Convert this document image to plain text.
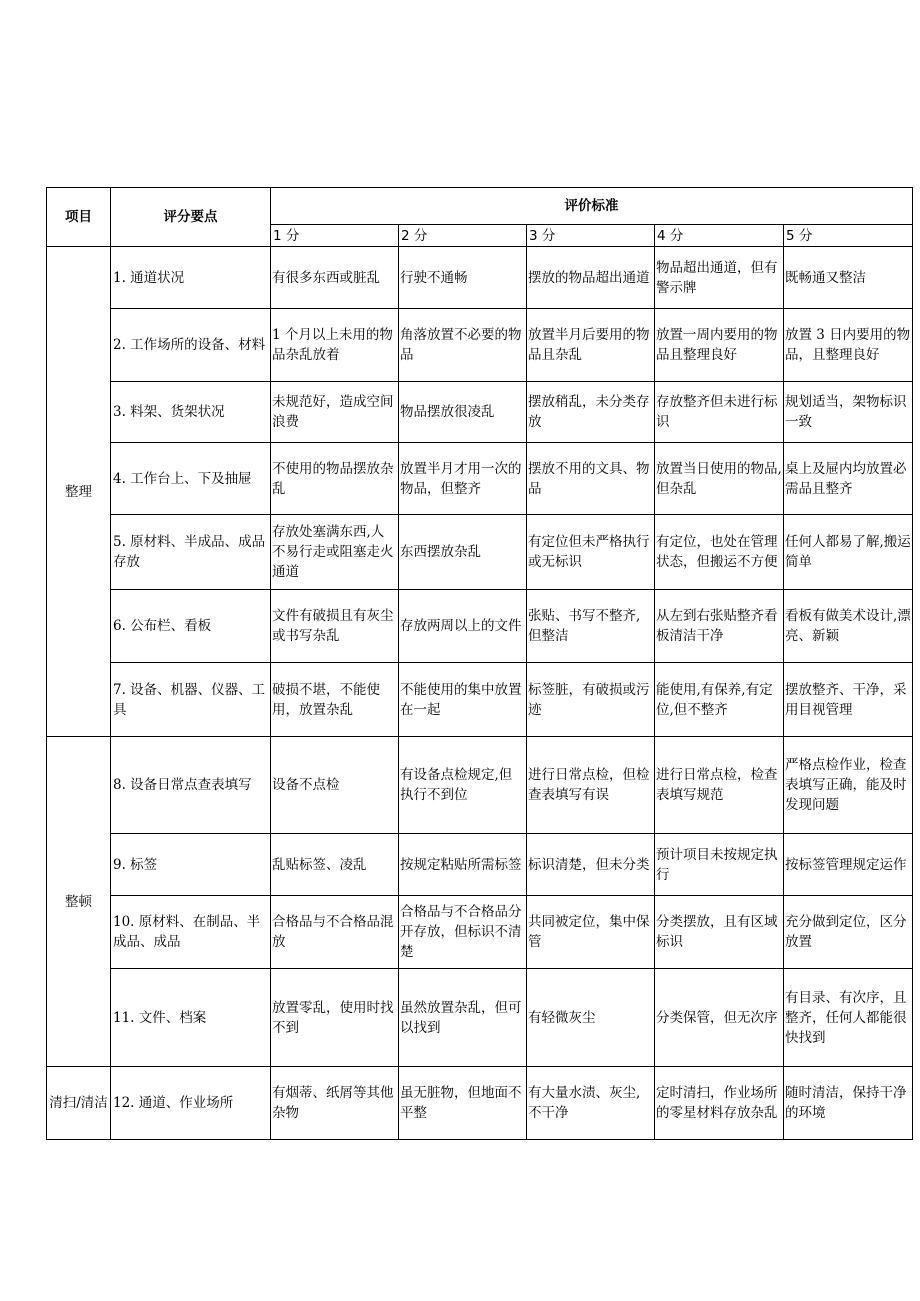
项目	评分要点	评价标准				
		1 分	2 分	3 分	4 分	5 分
整理	1. 通道状况	有很多东西或脏乱	行驶不通畅	摆放的物品超出通道	物品超出通道，但有警示牌	既畅通又整洁
	2. 工作场所的设备、材料	1 个月以上未用的物品杂乱放着	角落放置不必要的物品	放置半月后要用的物品且杂乱	放置一周内要用的物品且整理良好	放置 3 日内要用的物品，且整理良好
	3. 料架、货架状况	未规范好，造成空间浪费	物品摆放很凌乱	摆放稍乱，未分类存放	存放整齐但未进行标识	规划适当，架物标识一致
	4. 工作台上、下及抽屉	不使用的物品摆放杂乱	放置半月才用一次的物品，但整齐	摆放不用的文具、物品	放置当日使用的物品,但杂乱	桌上及屉内均放置必需品且整齐
	5. 原材料、半成品、成品存放	存放处塞满东西,人不易行走或阻塞走火通道	东西摆放杂乱	有定位但未严格执行或无标识	有定位，也处在管理状态，但搬运不方便	任何人都易了解,搬运简单
	6. 公布栏、看板	文件有破损且有灰尘或书写杂乱	存放两周以上的文件	张贴、书写不整齐,但整洁	从左到右张贴整齐看板清洁干净	看板有做美术设计,漂亮、新颖
	7. 设备、机器、仪器、工具	破损不堪，不能使用，放置杂乱	不能使用的集中放置在一起	标签脏，有破损或污迹	能使用,有保养,有定位,但不整齐	摆放整齐、干净，采用目视管理
整顿	8. 设备日常点查表填写	设备不点检	有设备点检规定,但执行不到位	进行日常点检，但检查表填写有误	进行日常点检，检查表填写规范	严格点检作业，检查表填写正确，能及时发现问题
	9. 标签	乱贴标签、凌乱	按规定粘贴所需标签	标识清楚，但未分类	预计项目未按规定执行	按标签管理规定运作
	10. 原材料、在制品、半成品、成品	合格品与不合格品混放	合格品与不合格品分开存放，但标识不清楚	共同被定位，集中保管	分类摆放，且有区域标识	充分做到定位，区分放置
	11. 文件、档案	放置零乱，使用时找不到	虽然放置杂乱，但可以找到	有轻微灰尘	分类保管，但无次序	有目录、有次序，且整齐，任何人都能很快找到
清扫/清洁	12. 通道、作业场所	有烟蒂、纸屑等其他杂物	虽无脏物，但地面不平整	有大量水渍、灰尘,不干净	定时清扫，作业场所的零星材料存放杂乱	随时清洁，保持干净的环境
